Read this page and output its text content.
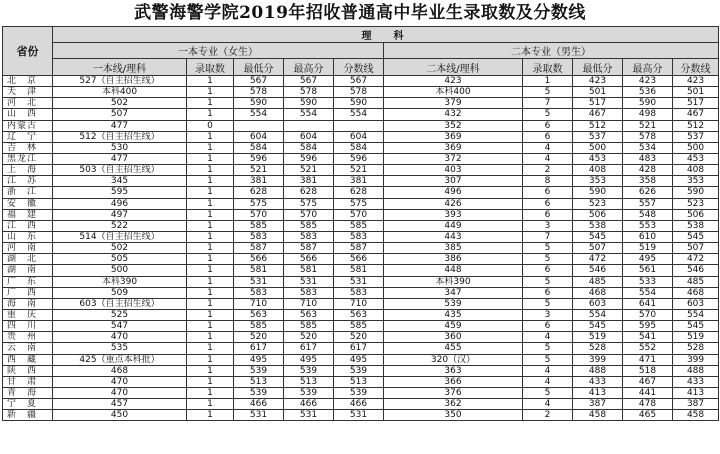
武警海警学院2019年招收普通高中毕业生录取数及分数线
省份	理　科									
	一本专业（女生）					二本专业（男生）				
	一本线/理科	录取数	最低分	最高分	分数线	二本线/理科	录取数	最低分	最高分	分数线
北　京	527（自主招生线）	1	567	567	567	423	1	423	423	423
天　津	本科400	1	578	578	578	本科400	5	501	536	501
河　北	502	1	590	590	590	379	7	517	590	517
山　西	507	1	554	554	554	432	5	467	498	467
内蒙古	477	0				352	6	512	521	512
辽　宁	512（自主招生线）	1	604	604	604	369	6	537	578	537
吉　林	530	1	584	584	584	369	4	500	534	500
黑龙江	477	1	596	596	596	372	4	453	483	453
上　海	503（自主招生线）	1	521	521	521	403	2	408	428	408
江　苏	345	1	381	381	381	307	8	353	358	353
浙　江	595	1	628	628	628	496	6	590	626	590
安　徽	496	1	575	575	575	426	6	523	557	523
福　建	497	1	570	570	570	393	6	506	548	506
江　西	522	1	585	585	585	449	3	538	553	538
山　东	514（自主招生线）	1	583	583	583	443	7	545	610	545
河　南	502	1	587	587	587	385	5	507	519	507
湖　北	505	1	566	566	566	386	5	472	495	472
湖　南	500	1	581	581	581	448	6	546	561	546
广　东	本科390	1	531	531	531	本科390	5	485	533	485
广　西	509	1	583	583	583	347	6	468	554	468
海　南	603（自主招生线）	1	710	710	710	539	5	603	641	603
重　庆	525	1	563	563	563	435	3	554	570	554
四　川	547	1	585	585	585	459	6	545	595	545
贵　州	470	1	520	520	520	360	4	519	541	519
云　南	535	1	617	617	617	455	5	528	552	528
西　藏	425（重点本科批）	1	495	495	495	320（汉）	5	399	471	399
陕　西	468	1	539	539	539	363	4	488	518	488
甘　肃	470	1	513	513	513	366	4	433	467	433
青　海	470	1	539	539	539	376	5	413	441	413
宁　夏	457	1	466	466	466	362	4	387	478	387
新　疆	450	1	531	531	531	350	2	458	465	458
